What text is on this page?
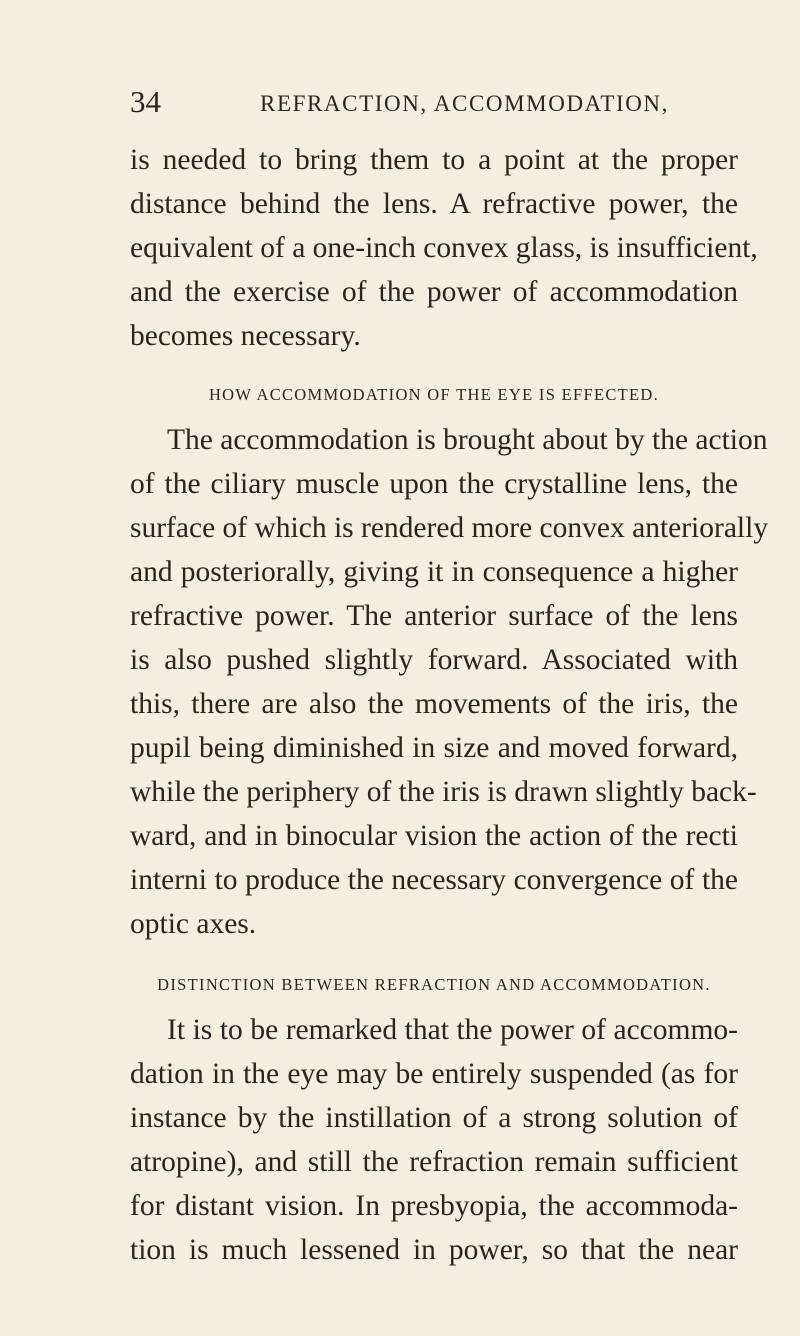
34	REFRACTION, ACCOMMODATION,
is needed to bring them to a point at the proper
distance behind the lens. A refractive power, the
equivalent of a one-inch convex glass, is insufficient,
and the exercise of the power of accommodation
becomes necessary.
HOW ACCOMMODATION OF THE EYE IS EFFECTED.
The accommodation is brought about by the action
of the ciliary muscle upon the crystalline lens, the
surface of which is rendered more convex anteriorally
and posteriorally, giving it in consequence a higher
refractive power. The anterior surface of the lens
is also pushed slightly forward. Associated with
this, there are also the movements of the iris, the
pupil being diminished in size and moved forward,
while the periphery of the iris is drawn slightly back-
ward, and in binocular vision the action of the recti
interni to produce the necessary convergence of the
optic axes.
DISTINCTION BETWEEN REFRACTION AND ACCOMMODATION.
It is to be remarked that the power of accommo-
dation in the eye may be entirely suspended (as for
instance by the instillation of a strong solution of
atropine), and still the refraction remain sufficient
for distant vision. In presbyopia, the accommoda-
tion is much lessened in power, so that the near
